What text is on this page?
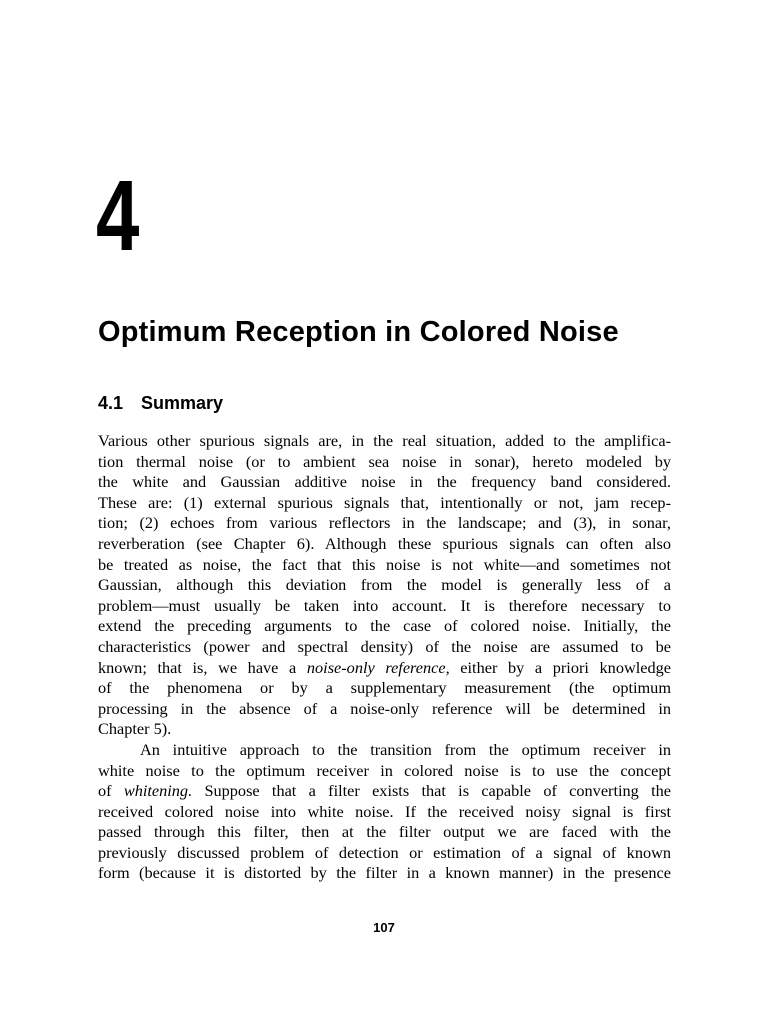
4
Optimum Reception in Colored Noise
4.1 Summary
Various other spurious signals are, in the real situation, added to the amplifica-
tion thermal noise (or to ambient sea noise in sonar), hereto modeled by
the white and Gaussian additive noise in the frequency band considered.
These are: (1) external spurious signals that, intentionally or not, jam recep-
tion; (2) echoes from various reflectors in the landscape; and (3), in sonar,
reverberation (see Chapter 6). Although these spurious signals can often also
be treated as noise, the fact that this noise is not white—and sometimes not
Gaussian, although this deviation from the model is generally less of a
problem—must usually be taken into account. It is therefore necessary to
extend the preceding arguments to the case of colored noise. Initially, the
characteristics (power and spectral density) of the noise are assumed to be
known; that is, we have a noise-only reference, either by a priori knowledge
of the phenomena or by a supplementary measurement (the optimum
processing in the absence of a noise-only reference will be determined in
Chapter 5).
An intuitive approach to the transition from the optimum receiver in
white noise to the optimum receiver in colored noise is to use the concept
of whitening. Suppose that a filter exists that is capable of converting the
received colored noise into white noise. If the received noisy signal is first
passed through this filter, then at the filter output we are faced with the
previously discussed problem of detection or estimation of a signal of known
form (because it is distorted by the filter in a known manner) in the presence
107
